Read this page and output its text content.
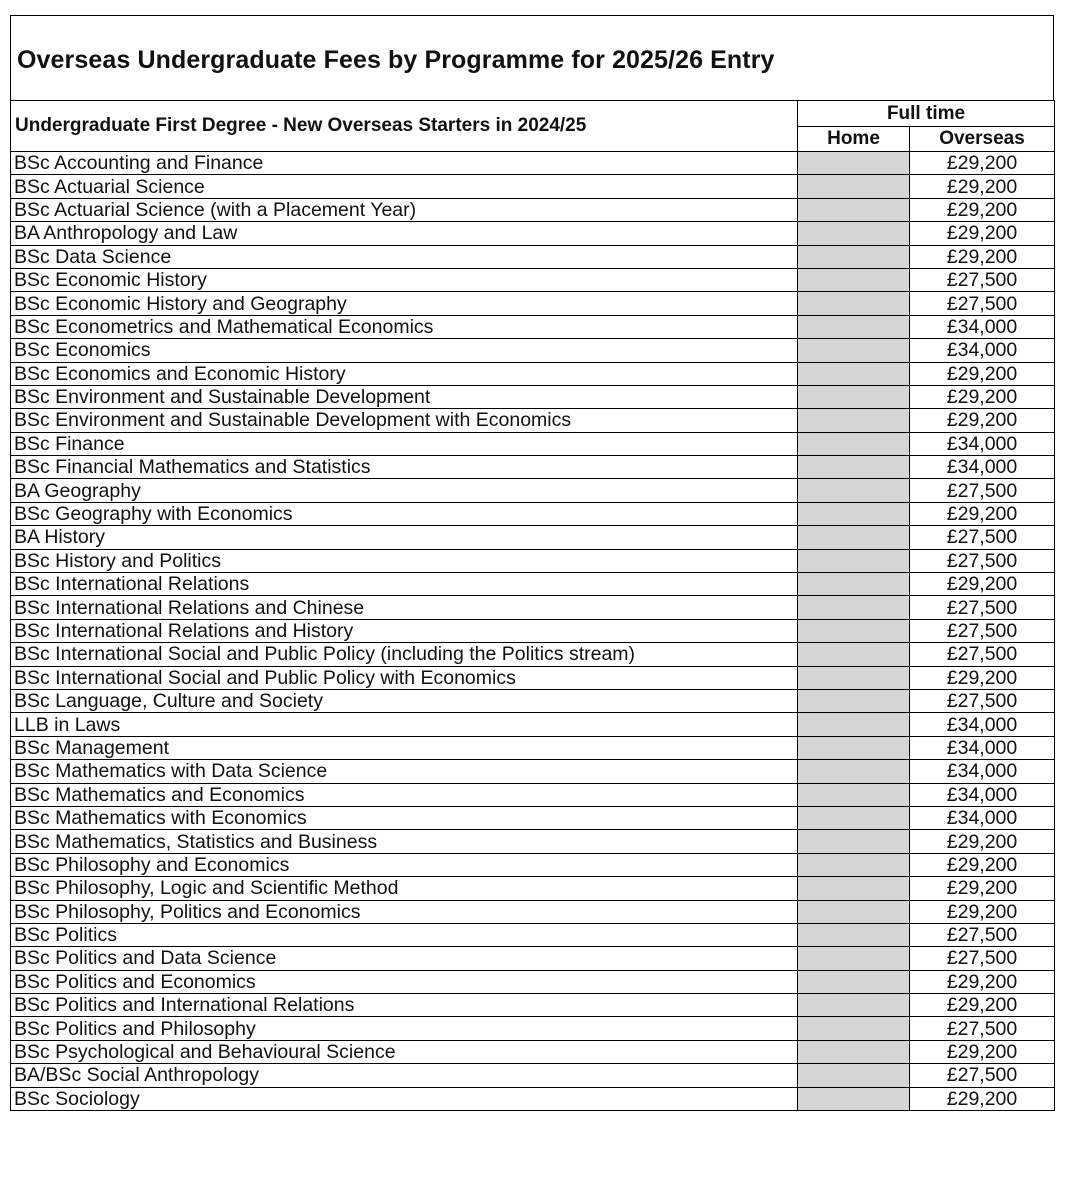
Overseas Undergraduate Fees by Programme for 2025/26 Entry
Undergraduate First Degree - New Overseas Starters in 2024/25	Full time	
	Home	Overseas
BSc Accounting and Finance		£29,200
BSc Actuarial Science		£29,200
BSc Actuarial Science (with a Placement Year)		£29,200
BA Anthropology and Law		£29,200
BSc Data Science		£29,200
BSc Economic History		£27,500
BSc Economic History and Geography		£27,500
BSc Econometrics and Mathematical Economics		£34,000
BSc Economics		£34,000
BSc Economics and Economic History		£29,200
BSc Environment and Sustainable Development		£29,200
BSc Environment and Sustainable Development with Economics		£29,200
BSc Finance		£34,000
BSc Financial Mathematics and Statistics		£34,000
BA Geography		£27,500
BSc Geography with Economics		£29,200
BA History		£27,500
BSc History and Politics		£27,500
BSc International Relations		£29,200
BSc International Relations and Chinese		£27,500
BSc International Relations and History		£27,500
BSc International Social and Public Policy (including the Politics stream)		£27,500
BSc International Social and Public Policy with Economics		£29,200
BSc Language, Culture and Society		£27,500
LLB in Laws		£34,000
BSc Management		£34,000
BSc Mathematics with Data Science		£34,000
BSc Mathematics and Economics		£34,000
BSc Mathematics with Economics		£34,000
BSc Mathematics, Statistics and Business		£29,200
BSc Philosophy and Economics		£29,200
BSc Philosophy, Logic and Scientific Method		£29,200
BSc Philosophy, Politics and Economics		£29,200
BSc Politics		£27,500
BSc Politics and Data Science		£27,500
BSc Politics and Economics		£29,200
BSc Politics and International Relations		£29,200
BSc Politics and Philosophy		£27,500
BSc Psychological and Behavioural Science		£29,200
BA/BSc Social Anthropology		£27,500
BSc Sociology		£29,200
